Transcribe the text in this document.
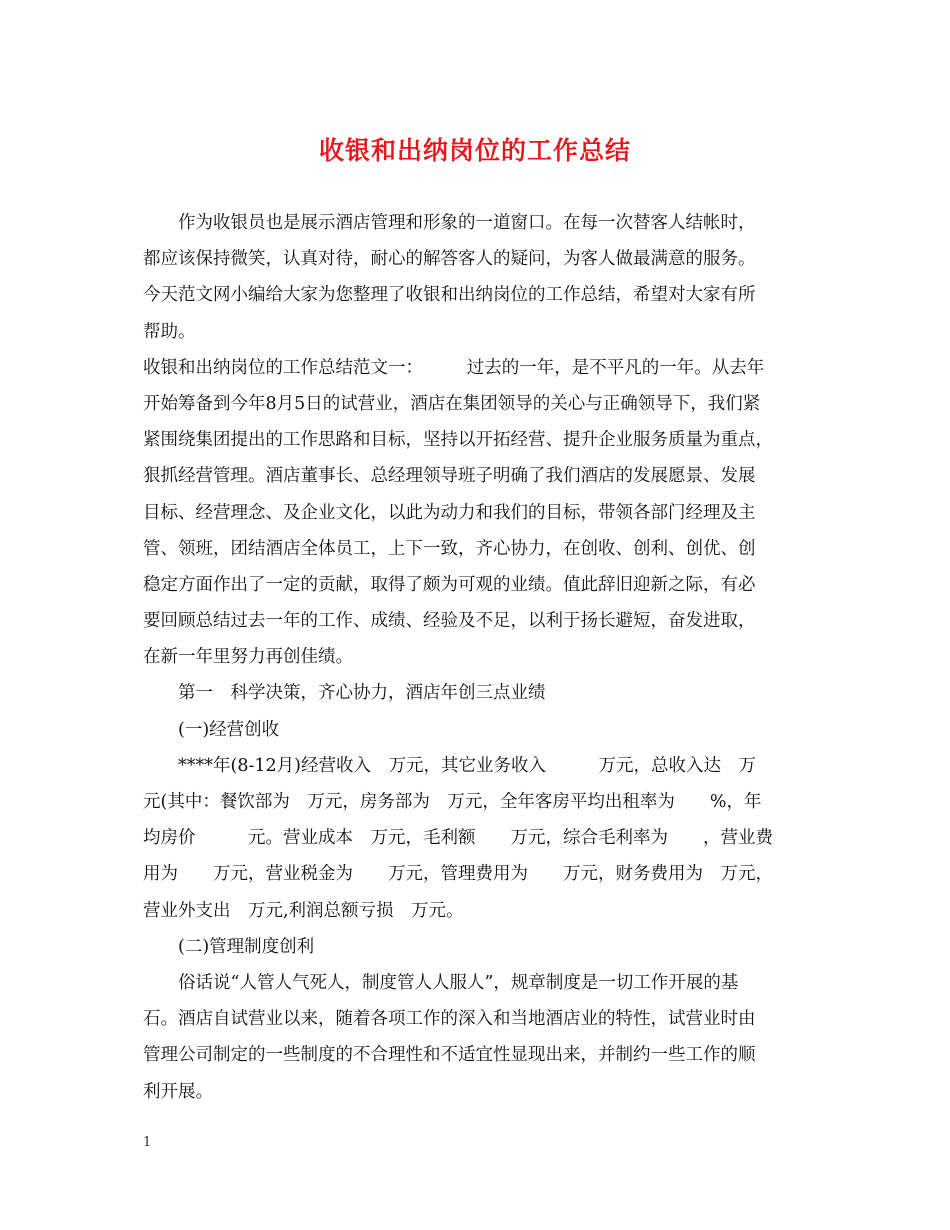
收银和出纳岗位的工作总结
　　作为收银员也是展示酒店管理和形象的一道窗口。在每一次替客人结帐时，
都应该保持微笑，认真对待，耐心的解答客人的疑问，为客人做最满意的服务。
今天范文网小编给大家为您整理了收银和出纳岗位的工作总结，希望对大家有所
帮助。
收银和出纳岗位的工作总结范文一：　　　过去的一年，是不平凡的一年。从去年
开始筹备到今年8月5日的试营业，酒店在集团领导的关心与正确领导下，我们紧
紧围绕集团提出的工作思路和目标，坚持以开拓经营、提升企业服务质量为重点，
狠抓经营管理。酒店董事长、总经理领导班子明确了我们酒店的发展愿景、发展
目标、经营理念、及企业文化，以此为动力和我们的目标，带领各部门经理及主
管、领班，团结酒店全体员工，上下一致，齐心协力，在创收、创利、创优、创
稳定方面作出了一定的贡献，取得了颇为可观的业绩。值此辞旧迎新之际，有必
要回顾总结过去一年的工作、成绩、经验及不足，以利于扬长避短，奋发进取，
在新一年里努力再创佳绩。
　　第一　科学决策，齐心协力，酒店年创三点业绩
　　(一)经营创收
　　****年(8-12月)经营收入　万元，其它业务收入　　　万元，总收入达　万
元(其中：餐饮部为　万元，房务部为　万元，全年客房平均出租率为　　%，年
均房价　　　元。营业成本　万元，毛利额　　万元，综合毛利率为　　，营业费
用为　　万元，营业税金为　　万元，管理费用为　　万元，财务费用为　万元，
营业外支出　万元,利润总额亏损　万元。
　　(二)管理制度创利
　　俗话说“人管人气死人，制度管人人服人”，规章制度是一切工作开展的基
石。酒店自试营业以来，随着各项工作的深入和当地酒店业的特性，试营业时由
管理公司制定的一些制度的不合理性和不适宜性显现出来，并制约一些工作的顺
利开展。
1
